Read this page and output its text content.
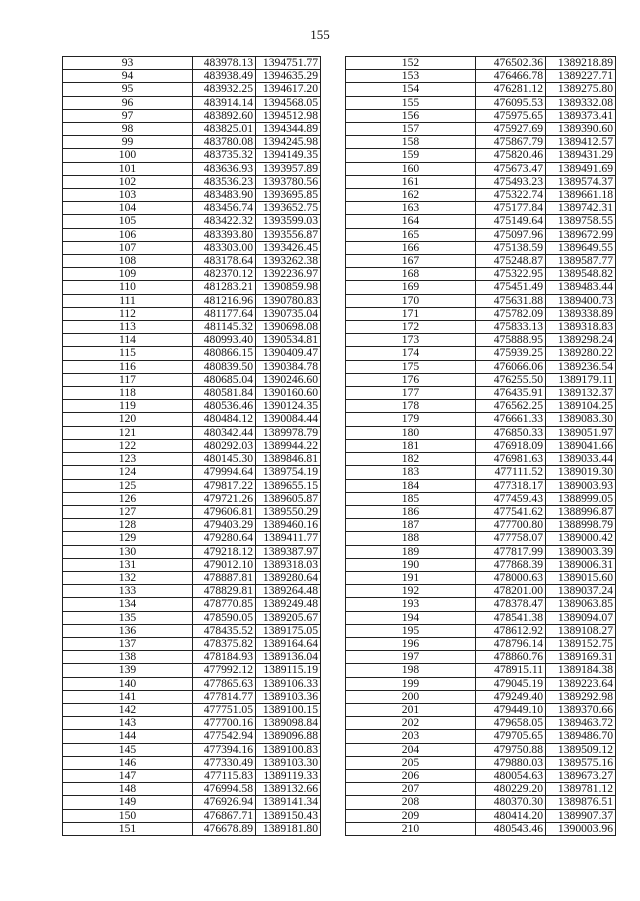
155
93	483978.13	1394751.77
94	483938.49	1394635.29
95	483932.25	1394617.20
96	483914.14	1394568.05
97	483892.60	1394512.98
98	483825.01	1394344.89
99	483780.08	1394245.98
100	483735.32	1394149.35
101	483636.93	1393957.89
102	483536.23	1393780.56
103	483483.90	1393695.85
104	483456.74	1393652.75
105	483422.32	1393599.03
106	483393.80	1393556.87
107	483303.00	1393426.45
108	483178.64	1393262.38
109	482370.12	1392236.97
110	481283.21	1390859.98
111	481216.96	1390780.83
112	481177.64	1390735.04
113	481145.32	1390698.08
114	480993.40	1390534.81
115	480866.15	1390409.47
116	480839.50	1390384.78
117	480685.04	1390246.60
118	480581.84	1390160.60
119	480536.46	1390124.35
120	480484.12	1390084.44
121	480342.44	1389978.79
122	480292.03	1389944.22
123	480145.30	1389846.81
124	479994.64	1389754.19
125	479817.22	1389655.15
126	479721.26	1389605.87
127	479606.81	1389550.29
128	479403.29	1389460.16
129	479280.64	1389411.77
130	479218.12	1389387.97
131	479012.10	1389318.03
132	478887.81	1389280.64
133	478829.81	1389264.48
134	478770.85	1389249.48
135	478590.05	1389205.67
136	478435.52	1389175.05
137	478375.82	1389164.64
138	478184.93	1389136.04
139	477992.12	1389115.19
140	477865.63	1389106.33
141	477814.77	1389103.36
142	477751.05	1389100.15
143	477700.16	1389098.84
144	477542.94	1389096.88
145	477394.16	1389100.83
146	477330.49	1389103.30
147	477115.83	1389119.33
148	476994.58	1389132.66
149	476926.94	1389141.34
150	476867.71	1389150.43
151	476678.89	1389181.80
152	476502.36	1389218.89
153	476466.78	1389227.71
154	476281.12	1389275.80
155	476095.53	1389332.08
156	475975.65	1389373.41
157	475927.69	1389390.60
158	475867.79	1389412.57
159	475820.46	1389431.29
160	475673.47	1389491.69
161	475493.23	1389574.37
162	475322.74	1389661.18
163	475177.84	1389742.31
164	475149.64	1389758.55
165	475097.96	1389672.99
166	475138.59	1389649.55
167	475248.87	1389587.77
168	475322.95	1389548.82
169	475451.49	1389483.44
170	475631.88	1389400.73
171	475782.09	1389338.89
172	475833.13	1389318.83
173	475888.95	1389298.24
174	475939.25	1389280.22
175	476066.06	1389236.54
176	476255.50	1389179.11
177	476435.91	1389132.37
178	476562.25	1389104.25
179	476661.33	1389083.30
180	476850.33	1389051.97
181	476918.09	1389041.66
182	476981.63	1389033.44
183	477111.52	1389019.30
184	477318.17	1389003.93
185	477459.43	1388999.05
186	477541.62	1388996.87
187	477700.80	1388998.79
188	477758.07	1389000.42
189	477817.99	1389003.39
190	477868.39	1389006.31
191	478000.63	1389015.60
192	478201.00	1389037.24
193	478378.47	1389063.85
194	478541.38	1389094.07
195	478612.92	1389108.27
196	478796.14	1389152.75
197	478860.76	1389169.31
198	478915.11	1389184.38
199	479045.19	1389223.64
200	479249.40	1389292.98
201	479449.10	1389370.66
202	479658.05	1389463.72
203	479705.65	1389486.70
204	479750.88	1389509.12
205	479880.03	1389575.16
206	480054.63	1389673.27
207	480229.20	1389781.12
208	480370.30	1389876.51
209	480414.20	1389907.37
210	480543.46	1390003.96
